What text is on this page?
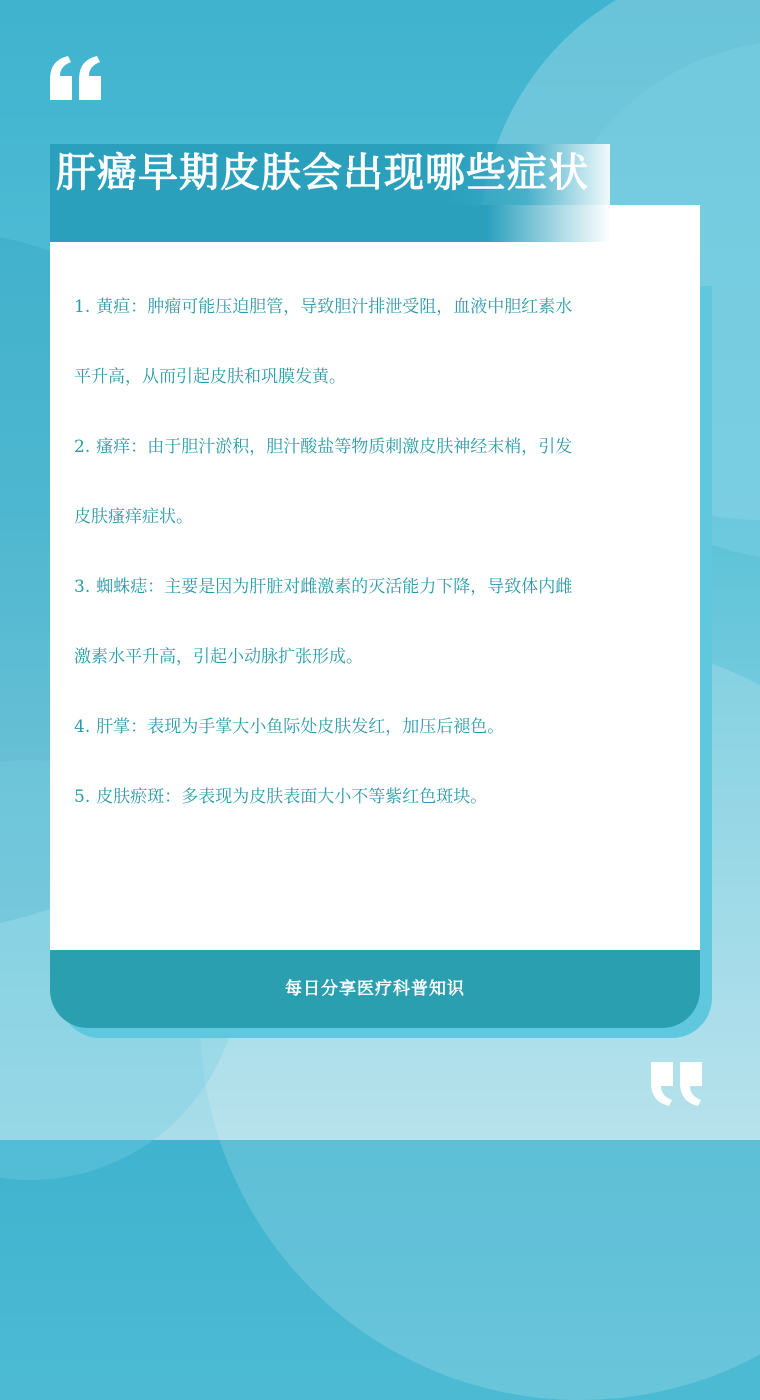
肝癌早期皮肤会出现哪些症状
1. 黄疸：肿瘤可能压迫胆管，导致胆汁排泄受阻，血液中胆红素水
平升高，从而引起皮肤和巩膜发黄。
2. 瘙痒：由于胆汁淤积，胆汁酸盐等物质刺激皮肤神经末梢，引发
皮肤瘙痒症状。
3. 蜘蛛痣：主要是因为肝脏对雌激素的灭活能力下降，导致体内雌
激素水平升高，引起小动脉扩张形成。
4. 肝掌：表现为手掌大小鱼际处皮肤发红，加压后褪色。
5. 皮肤瘀斑：多表现为皮肤表面大小不等紫红色斑块。
每日分享医疗科普知识
